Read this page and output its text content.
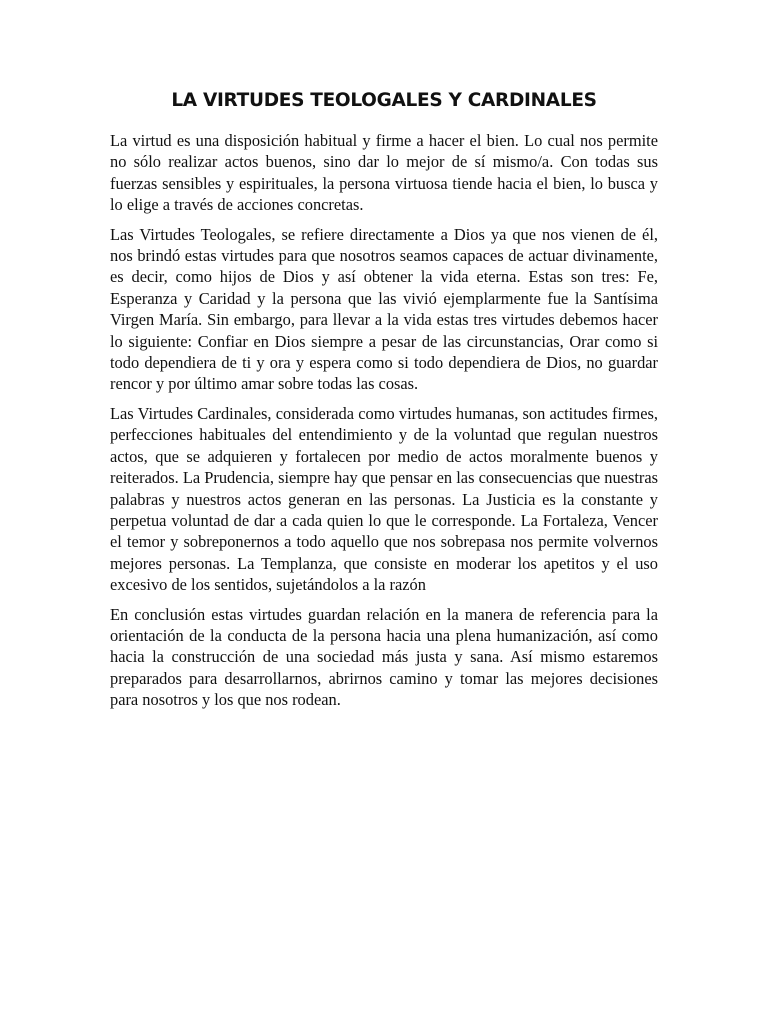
LA VIRTUDES TEOLOGALES Y CARDINALES

La virtud es una disposición habitual y firme a hacer el bien. Lo cual nos permite no sólo realizar actos buenos, sino dar lo mejor de sí mismo/a. Con todas sus fuerzas sensibles y espirituales, la persona virtuosa tiende hacia el bien, lo busca y lo elige a través de acciones concretas.

Las Virtudes Teologales, se refiere directamente a Dios ya que nos vienen de él, nos brindó estas virtudes para que nosotros seamos capaces de actuar divinamente, es decir, como hijos de Dios y así obtener la vida eterna. Estas son tres: Fe, Esperanza y Caridad y la persona que las vivió ejemplarmente fue la Santísima Virgen María. Sin embargo, para llevar a la vida estas tres virtudes debemos hacer lo siguiente: Confiar en Dios siempre a pesar de las circunstancias, Orar como si todo dependiera de ti y ora y espera como si todo dependiera de Dios, no guardar rencor y por último amar sobre todas las cosas.

Las Virtudes Cardinales, considerada como virtudes humanas, son actitudes firmes, perfecciones habituales del entendimiento y de la voluntad que regulan nuestros actos, que se adquieren y fortalecen por medio de actos moralmente buenos y reiterados. La Prudencia, siempre hay que pensar en las consecuencias que nuestras palabras y nuestros actos generan en las personas. La Justicia es la constante y perpetua voluntad de dar a cada quien lo que le corresponde. La Fortaleza, Vencer el temor y sobreponernos a todo aquello que nos sobrepasa nos permite volvernos mejores personas. La Templanza, que consiste en moderar los apetitos y el uso excesivo de los sentidos, sujetándolos a la razón

En conclusión estas virtudes guardan relación en la manera de referencia para la orientación de la conducta de la persona hacia una plena humanización, así como hacia la construcción de una sociedad más justa y sana. Así mismo estaremos preparados para desarrollarnos, abrirnos camino y tomar las mejores decisiones para nosotros y los que nos rodean.
